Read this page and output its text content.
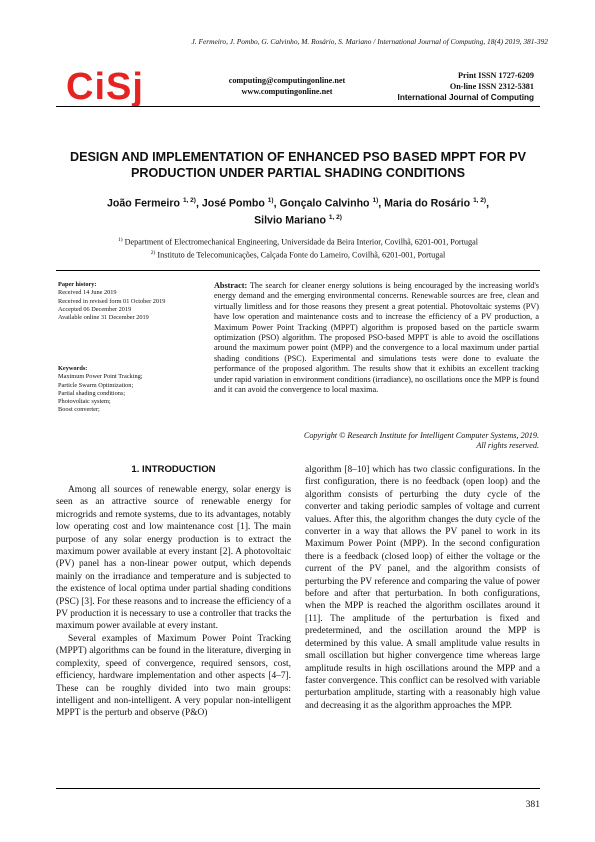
J. Fermeiro, J. Pombo, G. Calvinho, M. Rosário, S. Mariano / International Journal of Computing, 18(4) 2019, 381-392
CiSj	computing@computingonline.net
www.computingonline.net
Print ISSN 1727-6209
On-line ISSN 2312-5381
International Journal of Computing
DESIGN AND IMPLEMENTATION OF ENHANCED PSO BASED MPPT FOR PV PRODUCTION UNDER PARTIAL SHADING CONDITIONS
João Fermeiro $^{1, 2)}$, José Pombo $^{1)}$, Gonçalo Calvinho $^{1)}$, Maria do Rosário $^{1, 2)}$,
Silvio Mariano $^{1, 2)}$
$^{1)}$ Department of Electromechanical Engineering, Universidade da Beira Interior, Covilhã, 6201-001, Portugal
$^{2)}$ Instituto de Telecomunicações, Calçada Fonte do Lameiro, Covilhã, 6201-001, Portugal
Paper history:
Received 14 June 2019
Received in revised form 01 October 2019
Accepted 06 December 2019
Available online 31 December 2019
Keywords:
Maximum Power Point Tracking;
Particle Swarm Optimization;
Partial shading conditions;
Photovoltaic system;
Boost converter;
Abstract: The search for cleaner energy solutions is being encouraged by the increasing world's energy demand and the emerging environmental concerns. Renewable sources are free, clean and virtually limitless and for those reasons they present a great potential. Photovoltaic systems (PV) have low operation and maintenance costs and to increase the efficiency of a PV production, a Maximum Power Point Tracking (MPPT) algorithm is proposed based on the particle swarm optimization (PSO) algorithm. The proposed PSO-based MPPT is able to avoid the oscillations around the maximum power point (MPP) and the convergence to a local maximum under partial shading conditions (PSC). Experimental and simulations tests were done to evaluate the performance of the proposed algorithm. The results show that it exhibits an excellent tracking under rapid variation in environment conditions (irradiance), no oscillations once the MPP is found and it can avoid the convergence to local maxima.
Copyright © Research Institute for Intelligent Computer Systems, 2019.
All rights reserved.
1. INTRODUCTION

Among all sources of renewable energy, solar energy is seen as an attractive source of renewable energy for microgrids and remote systems, due to its advantages, notably low operating cost and low maintenance cost [1]. The main purpose of any solar energy production is to extract the maximum power available at every instant [2]. A photovoltaic (PV) panel has a non-linear power output, which depends mainly on the irradiance and temperature and is subjected to the existence of local optima under partial shading conditions (PSC) [3]. For these reasons and to increase the efficiency of a PV production it is necessary to use a controller that tracks the maximum power available at every instant.

Several examples of Maximum Power Point Tracking (MPPT) algorithms can be found in the literature, diverging in complexity, speed of convergence, required sensors, cost, efficiency, hardware implementation and other aspects [4–7]. These can be roughly divided into two main groups: intelligent and non-intelligent. A very popular non-intelligent MPPT is the perturb and observe (P&O)

algorithm [8–10] which has two classic configurations. In the first configuration, there is no feedback (open loop) and the algorithm consists of perturbing the duty cycle of the converter and taking periodic samples of voltage and current values. After this, the algorithm changes the duty cycle of the converter in a way that allows the PV panel to work in its Maximum Power Point (MPP). In the second configuration there is a feedback (closed loop) of either the voltage or the current of the PV panel, and the algorithm consists of perturbing the PV reference and comparing the value of power before and after that perturbation. In both configurations, when the MPP is reached the algorithm oscillates around it [11]. The amplitude of the perturbation is fixed and predetermined, and the oscillation around the MPP is determined by this value. A small amplitude value results in small oscillation but higher convergence time whereas large amplitude results in high oscillations around the MPP and a faster convergence. This conflict can be resolved with variable perturbation amplitude, starting with a reasonably high value and decreasing it as the algorithm approaches the MPP.

381
